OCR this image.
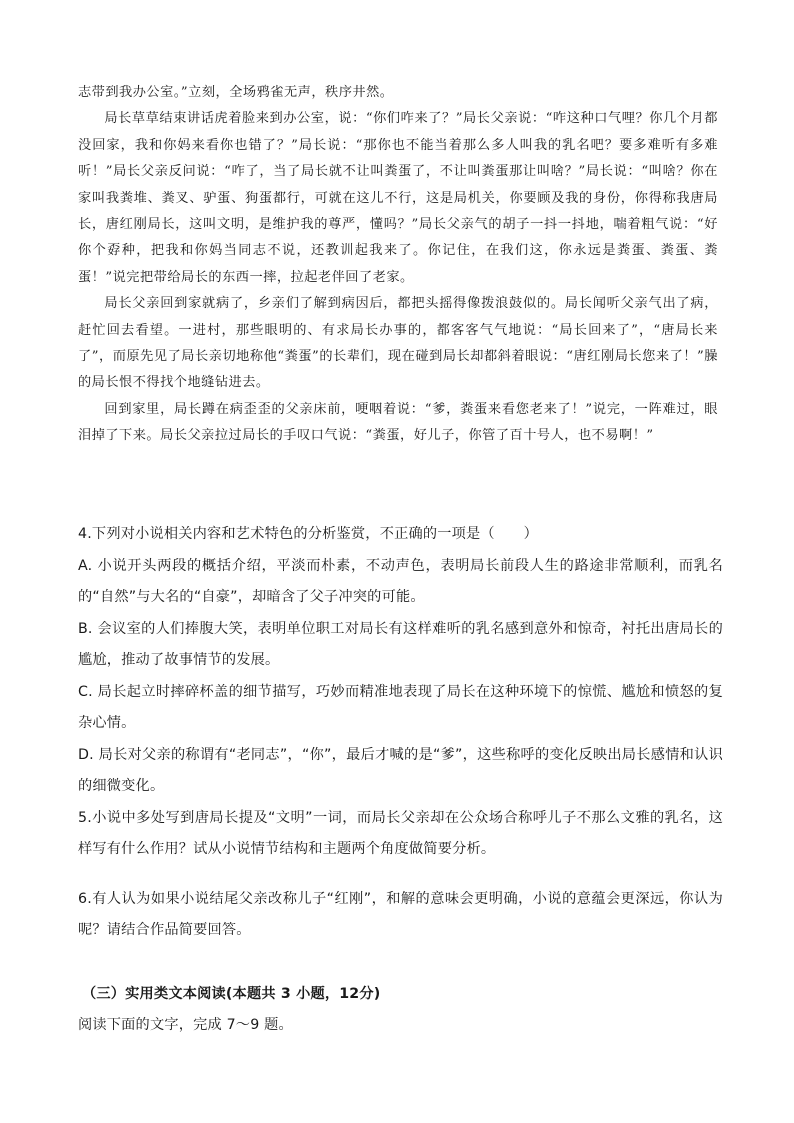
志带到我办公室。”立刻，全场鸦雀无声，秩序井然。

局长草草结束讲话虎着脸来到办公室，说：“你们咋来了？”局长父亲说：“咋这种口气哩？你几个月都没回家，我和你妈来看你也错了？”局长说：“那你也不能当着那么多人叫我的乳名吧？要多难听有多难听！”局长父亲反问说：“咋了，当了局长就不让叫粪蛋了，不让叫粪蛋那让叫啥？”局长说：“叫啥？你在家叫我粪堆、粪叉、驴蛋、狗蛋都行，可就在这儿不行，这是局机关，你要顾及我的身份，你得称我唐局长，唐红刚局长，这叫文明，是维护我的尊严，懂吗？”局长父亲气的胡子一抖一抖地，喘着粗气说：“好你个孬种，把我和你妈当同志不说，还教训起我来了。你记住，在我们这，你永远是粪蛋、粪蛋、粪蛋！”说完把带给局长的东西一摔，拉起老伴回了老家。

局长父亲回到家就病了，乡亲们了解到病因后，都把头摇得像拨浪鼓似的。局长闻听父亲气出了病，赶忙回去看望。一进村，那些眼明的、有求局长办事的，都客客气气地说：“局长回来了”，“唐局长来了”，而原先见了局长亲切地称他“粪蛋”的长辈们，现在碰到局长却都斜着眼说：“唐红刚局长您来了！”臊的局长恨不得找个地缝钻进去。

回到家里，局长蹲在病歪歪的父亲床前，哽咽着说：“爹，粪蛋来看您老来了！”说完，一阵难过，眼泪掉了下来。局长父亲拉过局长的手叹口气说：“粪蛋，好儿子，你管了百十号人，也不易啊！”

4.下列对小说相关内容和艺术特色的分析鉴赏，不正确的一项是（　　）

A. 小说开头两段的概括介绍，平淡而朴素，不动声色，表明局长前段人生的路途非常顺利，而乳名的“自然”与大名的“自豪”，却暗含了父子冲突的可能。

B. 会议室的人们捧腹大笑，表明单位职工对局长有这样难听的乳名感到意外和惊奇，衬托出唐局长的尴尬，推动了故事情节的发展。

C. 局长起立时摔碎杯盖的细节描写，巧妙而精准地表现了局长在这种环境下的惊慌、尴尬和愤怒的复杂心情。

D. 局长对父亲的称谓有“老同志”，“你”，最后才喊的是“爹”，这些称呼的变化反映出局长感情和认识的细微变化。

5.小说中多处写到唐局长提及“文明”一词，而局长父亲却在公众场合称呼儿子不那么文雅的乳名，这样写有什么作用？试从小说情节结构和主题两个角度做简要分析。

6.有人认为如果小说结尾父亲改称儿子“红刚”，和解的意味会更明确，小说的意蕴会更深远，你认为呢？请结合作品简要回答。

（三）实用类文本阅读(本题共 3 小题，12分)

阅读下面的文字，完成 7～9 题。
